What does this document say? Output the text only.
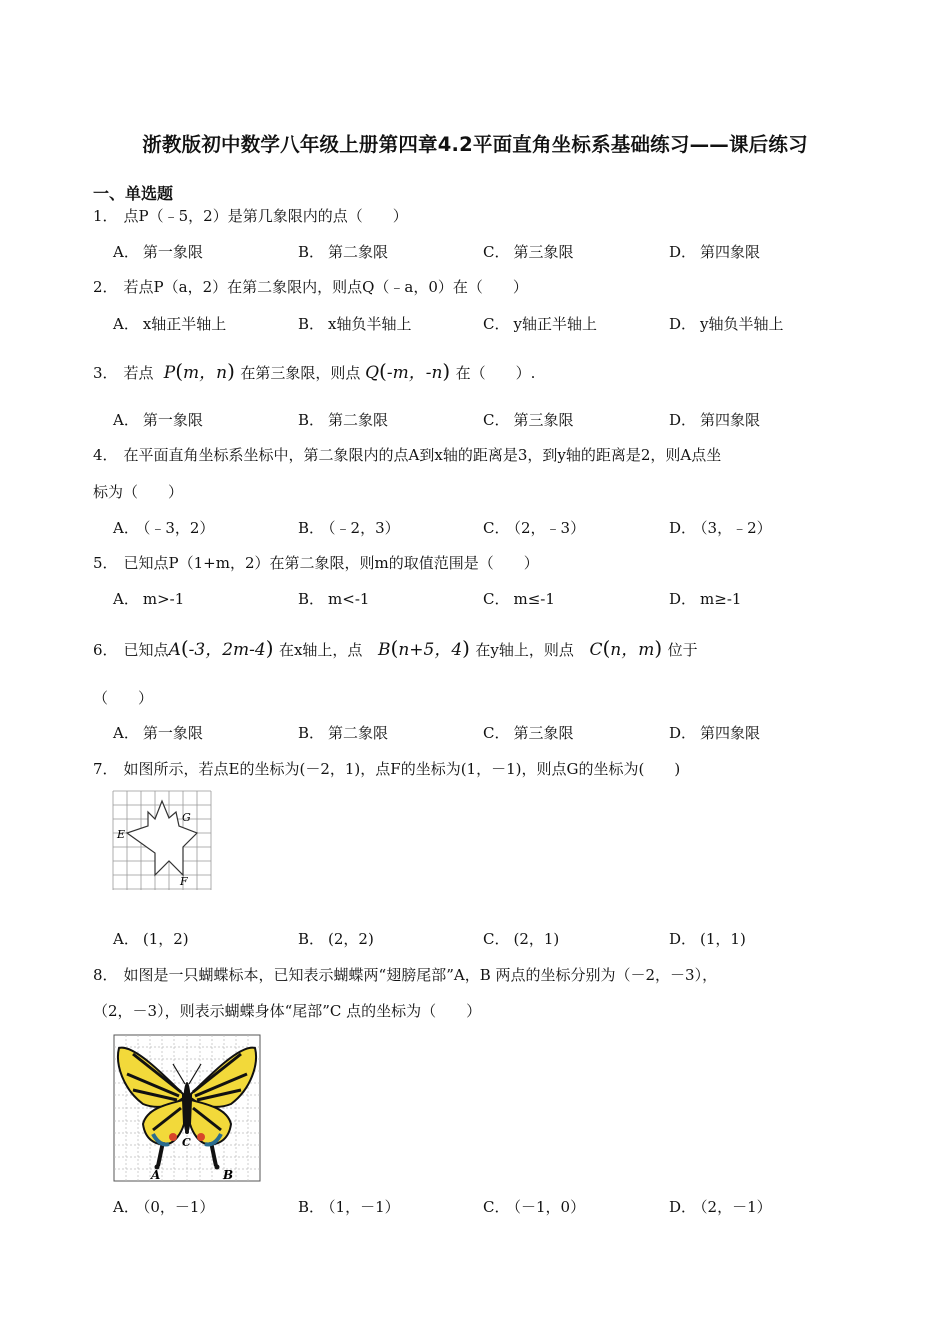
浙教版初中数学八年级上册第四章4.2平面直角坐标系基础练习——课后练习
一、单选题
1． 点P（﹣5，2）是第几象限内的点（　　）
A． 第一象限	B． 第二象限	C． 第三象限	D． 第四象限
2． 若点P（a，2）在第二象限内，则点Q（﹣a，0）在（　　）
A． x轴正半轴上	B． x轴负半轴上	C． y轴正半轴上	D． y轴负半轴上
3． 若点 P(m，n) 在第三象限，则点 Q(-m，-n) 在（　　）.
A． 第一象限	B． 第二象限	C． 第三象限	D． 第四象限
4． 在平面直角坐标系坐标中，第二象限内的点A到x轴的距离是3，到y轴的距离是2，则A点坐
标为（　　）
A． （﹣3，2）	B． （﹣2，3）	C． （2，﹣3）	D． （3，﹣2）
5． 已知点P（1+m，2）在第二象限，则m的取值范围是（　　）
A． m>-1	B． m<-1	C． m≤-1	D． m≥-1
6． 已知点A(-3，2m-4) 在x轴上，点 B(n+5，4) 在y轴上，则点 C(n，m) 位于
（　　）
A． 第一象限	B． 第二象限	C． 第三象限	D． 第四象限
7． 如图所示，若点E的坐标为(－2，1)，点F的坐标为(1，－1)，则点G的坐标为(　　)
G
E
F
A． (1，2)	B． (2，2)	C． (2，1)	D． (1，1)
8． 如图是一只蝴蝶标本，已知表示蝴蝶两“翅膀尾部”A，B 两点的坐标分别为（－2，－3），
（2，－3），则表示蝴蝶身体“尾部”C 点的坐标为（　　）
C
A	B
A． （0，－1）	B． （1，－1）	C． （－1，0）	D． （2，－1）
